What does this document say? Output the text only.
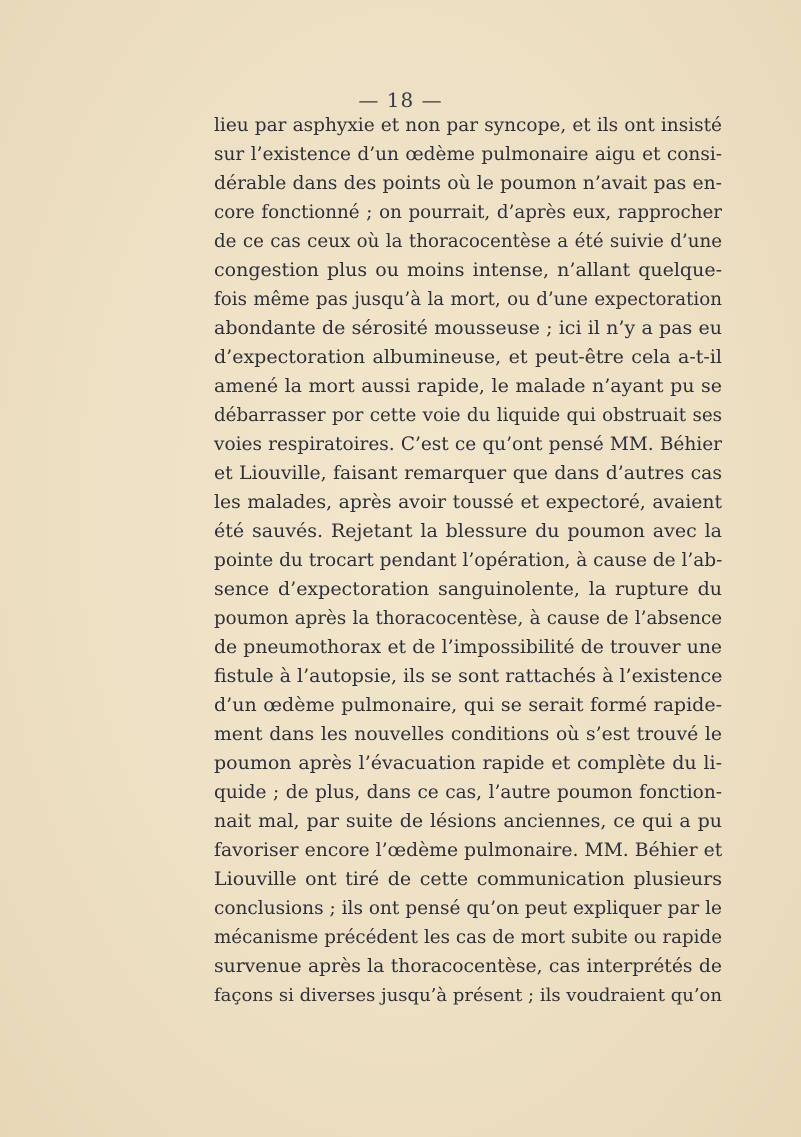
— 18 —
lieu par asphyxie et non par syncope, et ils ont insisté
sur l’existence d’un œdème pulmonaire aigu et consi-
dérable dans des points où le poumon n’avait pas en-
core fonctionné ; on pourrait, d’après eux, rapprocher
de ce cas ceux où la thoracocentèse a été suivie d’une
congestion plus ou moins intense, n’allant quelque-
fois même pas jusqu’à la mort, ou d’une expectoration
abondante de sérosité mousseuse ; ici il n’y a pas eu
d’expectoration albumineuse, et peut-être cela a-t-il
amené la mort aussi rapide, le malade n’ayant pu se
débarrasser por cette voie du liquide qui obstruait ses
voies respiratoires. C’est ce qu’ont pensé MM. Béhier
et Liouville, faisant remarquer que dans d’autres cas
les malades, après avoir toussé et expectoré, avaient
été sauvés. Rejetant la blessure du poumon avec la
pointe du trocart pendant l’opération, à cause de l’ab-
sence d’expectoration sanguinolente, la rupture du
poumon après la thoracocentèse, à cause de l’absence
de pneumothorax et de l’impossibilité de trouver une
fistule à l’autopsie, ils se sont rattachés à l’existence
d’un œdème pulmonaire, qui se serait formé rapide-
ment dans les nouvelles conditions où s’est trouvé le
poumon après l’évacuation rapide et complète du li-
quide ; de plus, dans ce cas, l’autre poumon fonction-
nait mal, par suite de lésions anciennes, ce qui a pu
favoriser encore l’œdème pulmonaire. MM. Béhier et
Liouville ont tiré de cette communication plusieurs
conclusions ; ils ont pensé qu’on peut expliquer par le
mécanisme précédent les cas de mort subite ou rapide
survenue après la thoracocentèse, cas interprétés de
façons si diverses jusqu’à présent ; ils voudraient qu’on
